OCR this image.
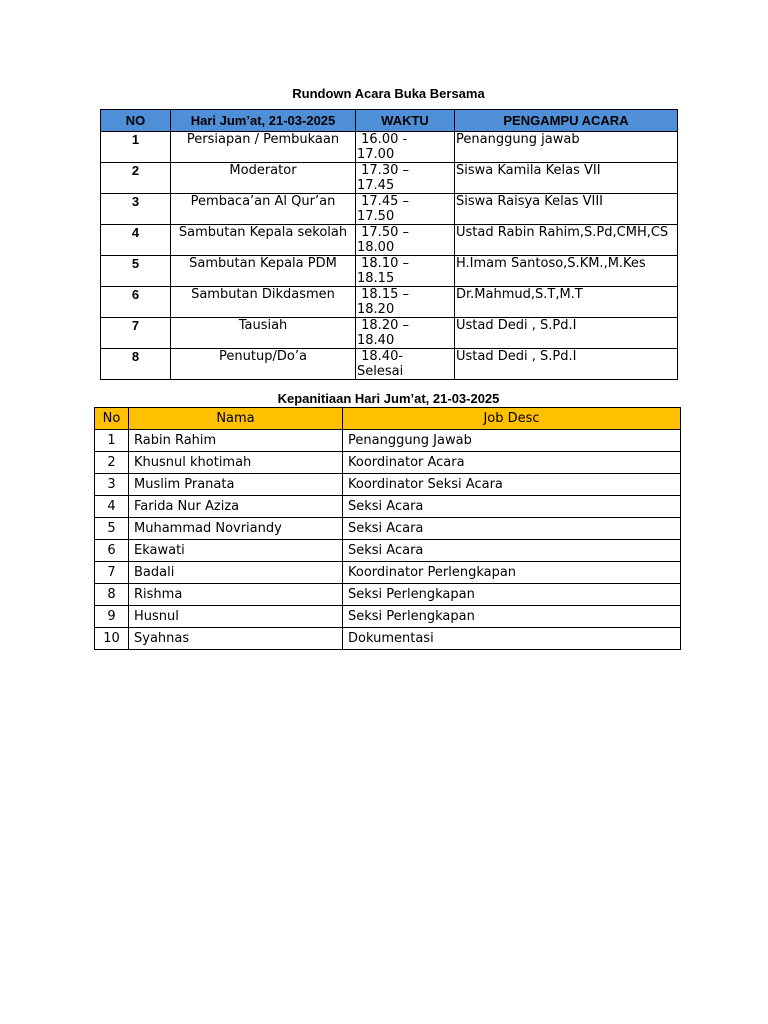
Rundown Acara Buka Bersama
NO	Hari Jum’at, 21-03-2025	WAKTU	PENGAMPU ACARA
1	Persiapan / Pembukaan	16.00 - 17.00	Penanggung jawab
2	Moderator	17.30 – 17.45	Siswa Kamila Kelas VII
3	Pembaca’an Al Qur’an	17.45 – 17.50	Siswa Raisya Kelas VIII
4	Sambutan Kepala sekolah	17.50 – 18.00	Ustad Rabin Rahim,S.Pd,CMH,CS
5	Sambutan Kepala PDM	18.10 – 18.15	H.Imam Santoso,S.KM.,M.Kes
6	Sambutan Dikdasmen	18.15 – 18.20	Dr.Mahmud,S.T,M.T
7	Tausiah	18.20 – 18.40	Ustad Dedi , S.Pd.I
8	Penutup/Do’a	18.40-Selesai	Ustad Dedi , S.Pd.I
Kepanitiaan Hari Jum’at, 21-03-2025
No	Nama	Job Desc
1	Rabin Rahim	Penanggung Jawab
2	Khusnul khotimah	Koordinator Acara
3	Muslim Pranata	Koordinator Seksi Acara
4	Farida Nur Aziza	Seksi Acara
5	Muhammad Novriandy	Seksi Acara
6	Ekawati	Seksi Acara
7	Badali	Koordinator Perlengkapan
8	Rishma	Seksi Perlengkapan
9	Husnul	Seksi Perlengkapan
10	Syahnas	Dokumentasi
